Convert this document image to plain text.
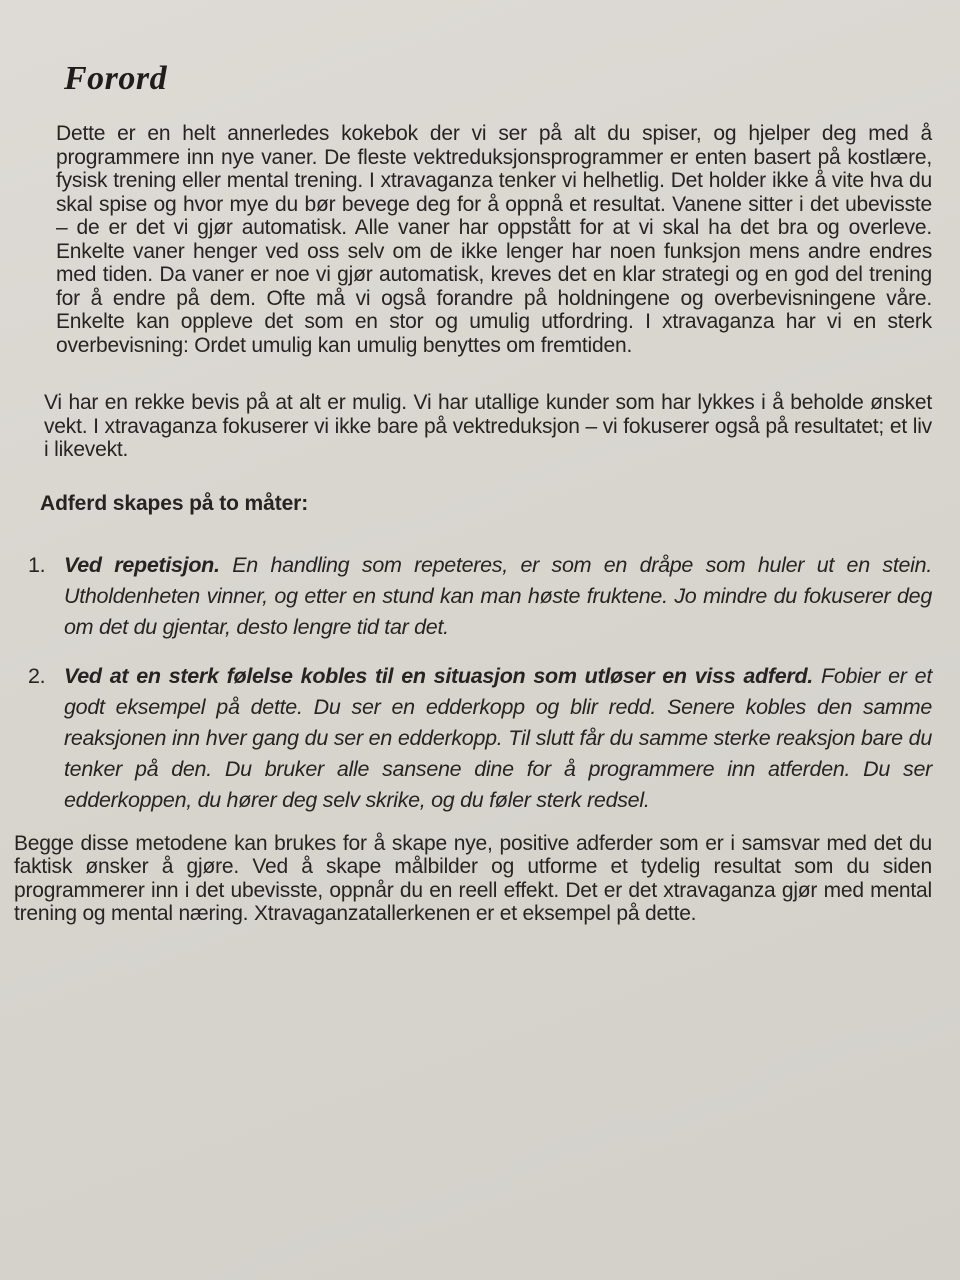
Forord

Dette er en helt annerledes kokebok der vi ser på alt du spiser, og hjelper deg med å programmere inn nye vaner. De fleste vektreduksjonsprogrammer er enten basert på kostlære, fysisk trening eller mental trening. I xtravaganza tenker vi helhetlig. Det holder ikke å vite hva du skal spise og hvor mye du bør bevege deg for å oppnå et resultat. Vanene sitter i det ubevisste – de er det vi gjør automatisk. Alle vaner har oppstått for at vi skal ha det bra og overleve. Enkelte vaner henger ved oss selv om de ikke lenger har noen funksjon mens andre endres med tiden. Da vaner er noe vi gjør automatisk, kreves det en klar strategi og en god del trening for å endre på dem. Ofte må vi også forandre på holdningene og overbevisningene våre. Enkelte kan oppleve det som en stor og umulig utfordring. I xtravaganza har vi en sterk overbevisning: Ordet umulig kan umulig benyttes om fremtiden.

Vi har en rekke bevis på at alt er mulig. Vi har utallige kunder som har lykkes i å beholde ønsket vekt. I xtravaganza fokuserer vi ikke bare på vektreduksjon – vi fokuserer også på resultatet; et liv i likevekt.

Adferd skapes på to måter:
1. Ved repetisjon. En handling som repeteres, er som en dråpe som huler ut en stein. Utholdenheten vinner, og etter en stund kan man høste fruktene. Jo mindre du fokuserer deg om det du gjentar, desto lengre tid tar det.
2. Ved at en sterk følelse kobles til en situasjon som utløser en viss adferd. Fobier er et godt eksempel på dette. Du ser en edderkopp og blir redd. Senere kobles den samme reaksjonen inn hver gang du ser en edderkopp. Til slutt får du samme sterke reaksjon bare du tenker på den. Du bruker alle sansene dine for å programmere inn atferden. Du ser edderkoppen, du hører deg selv skrike, og du føler sterk redsel.

Begge disse metodene kan brukes for å skape nye, positive adferder som er i samsvar med det du faktisk ønsker å gjøre. Ved å skape målbilder og utforme et tydelig resultat som du siden programmerer inn i det ubevisste, oppnår du en reell effekt. Det er det xtravaganza gjør med mental trening og mental næring. Xtravaganzatallerkenen er et eksempel på dette.
